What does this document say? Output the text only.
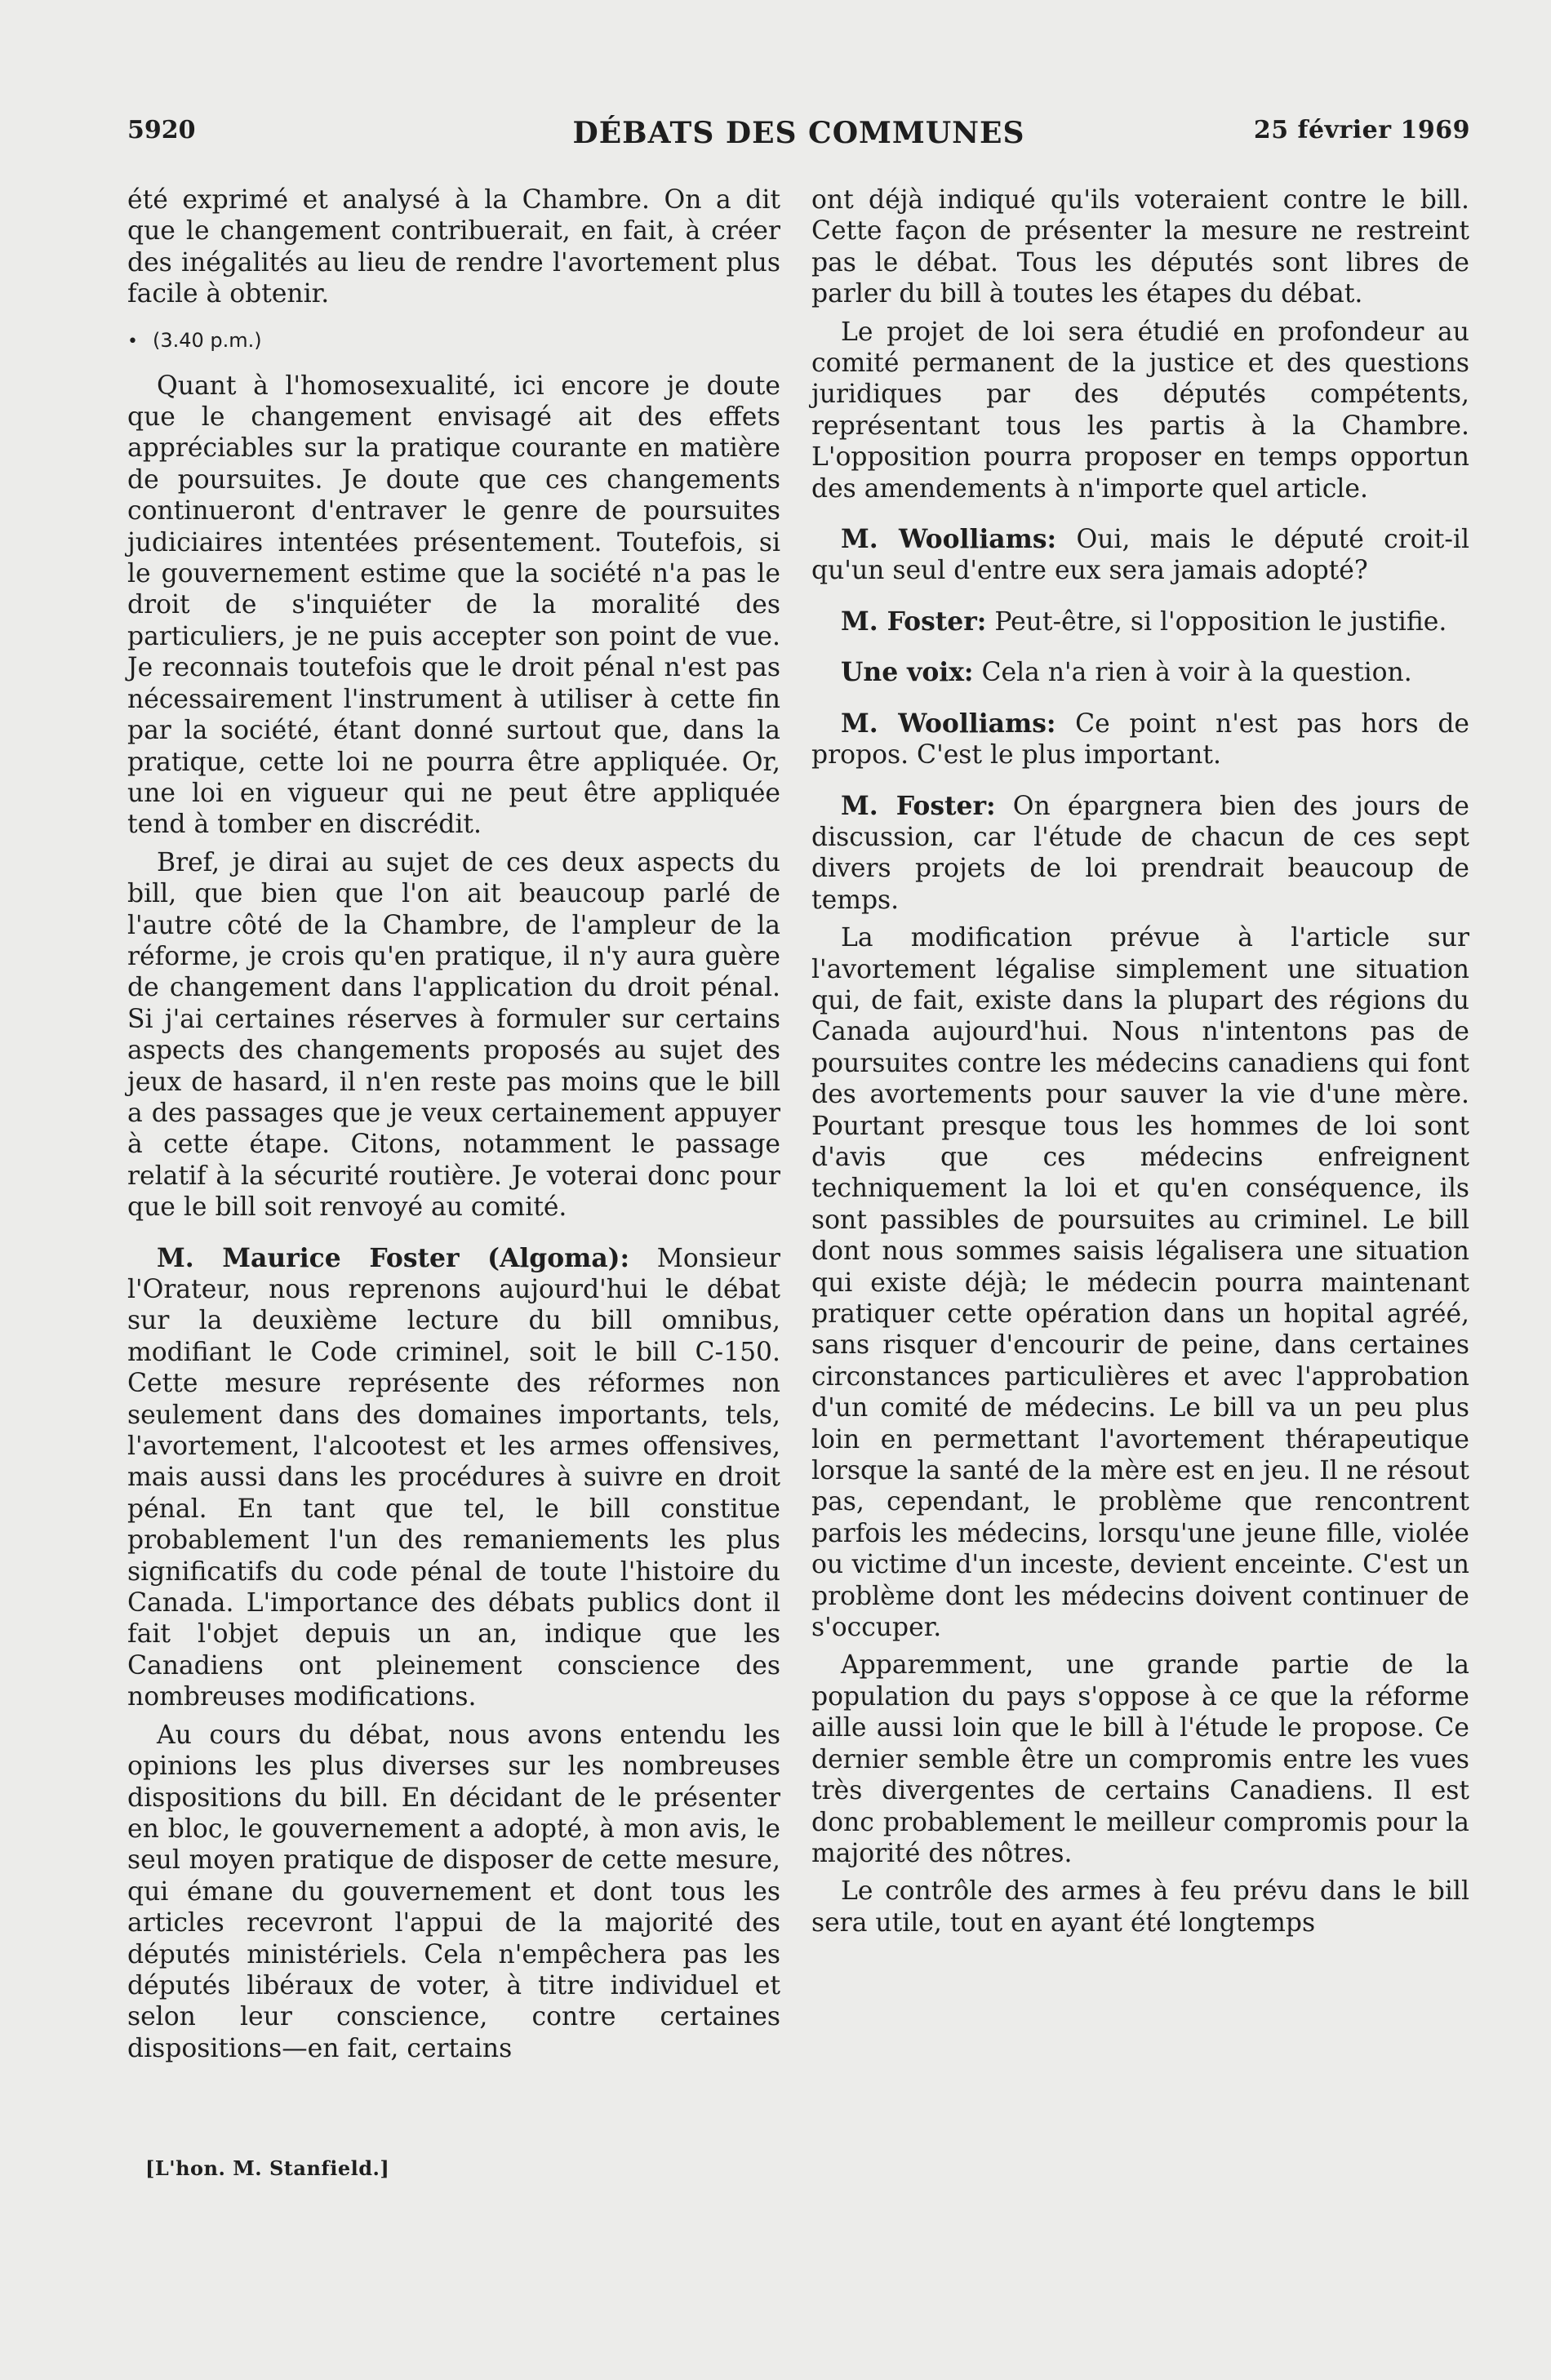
DÉBATS DES COMMUNES
5920	25 février 1969

été exprimé et analysé à la Chambre. On a dit que le changement contribuerait, en fait, à créer des inégalités au lieu de rendre l'avortement plus facile à obtenir.

• (3.40 p.m.)

Quant à l'homosexualité, ici encore je doute que le changement envisagé ait des effets appréciables sur la pratique courante en matière de poursuites. Je doute que ces changements continueront d'entraver le genre de poursuites judiciaires intentées présentement. Toutefois, si le gouvernement estime que la société n'a pas le droit de s'inquiéter de la moralité des particuliers, je ne puis accepter son point de vue. Je reconnais toutefois que le droit pénal n'est pas nécessairement l'instrument à utiliser à cette fin par la société, étant donné surtout que, dans la pratique, cette loi ne pourra être appliquée. Or, une loi en vigueur qui ne peut être appliquée tend à tomber en discrédit.

Bref, je dirai au sujet de ces deux aspects du bill, que bien que l'on ait beaucoup parlé de l'autre côté de la Chambre, de l'ampleur de la réforme, je crois qu'en pratique, il n'y aura guère de changement dans l'application du droit pénal. Si j'ai certaines réserves à formuler sur certains aspects des changements proposés au sujet des jeux de hasard, il n'en reste pas moins que le bill a des passages que je veux certainement appuyer à cette étape. Citons, notamment le passage relatif à la sécurité routière. Je voterai donc pour que le bill soit renvoyé au comité.

M. Maurice Foster (Algoma): Monsieur l'Orateur, nous reprenons aujourd'hui le débat sur la deuxième lecture du bill omnibus, modifiant le Code criminel, soit le bill C-150. Cette mesure représente des réformes non seulement dans des domaines importants, tels, l'avortement, l'alcootest et les armes offensives, mais aussi dans les procédures à suivre en droit pénal. En tant que tel, le bill constitue probablement l'un des remaniements les plus significatifs du code pénal de toute l'histoire du Canada. L'importance des débats publics dont il fait l'objet depuis un an, indique que les Canadiens ont pleinement conscience des nombreuses modifications.

Au cours du débat, nous avons entendu les opinions les plus diverses sur les nombreuses dispositions du bill. En décidant de le présenter en bloc, le gouvernement a adopté, à mon avis, le seul moyen pratique de disposer de cette mesure, qui émane du gouvernement et dont tous les articles recevront l'appui de la majorité des députés ministériels. Cela n'empêchera pas les députés libéraux de voter, à titre individuel et selon leur conscience, contre certaines dispositions—en fait, certains

[L'hon. M. Stanfield.]

ont déjà indiqué qu'ils voteraient contre le bill. Cette façon de présenter la mesure ne restreint pas le débat. Tous les députés sont libres de parler du bill à toutes les étapes du débat.

Le projet de loi sera étudié en profondeur au comité permanent de la justice et des questions juridiques par des députés compétents, représentant tous les partis à la Chambre. L'opposition pourra proposer en temps opportun des amendements à n'importe quel article.

M. Woolliams: Oui, mais le député croit-il qu'un seul d'entre eux sera jamais adopté?

M. Foster: Peut-être, si l'opposition le justifie.

Une voix: Cela n'a rien à voir à la question.

M. Woolliams: Ce point n'est pas hors de propos. C'est le plus important.

M. Foster: On épargnera bien des jours de discussion, car l'étude de chacun de ces sept divers projets de loi prendrait beaucoup de temps.

La modification prévue à l'article sur l'avortement légalise simplement une situation qui, de fait, existe dans la plupart des régions du Canada aujourd'hui. Nous n'intentons pas de poursuites contre les médecins canadiens qui font des avortements pour sauver la vie d'une mère. Pourtant presque tous les hommes de loi sont d'avis que ces médecins enfreignent techniquement la loi et qu'en conséquence, ils sont passibles de poursuites au criminel. Le bill dont nous sommes saisis légalisera une situation qui existe déjà; le médecin pourra maintenant pratiquer cette opération dans un hopital agréé, sans risquer d'encourir de peine, dans certaines circonstances particulières et avec l'approbation d'un comité de médecins. Le bill va un peu plus loin en permettant l'avortement thérapeutique lorsque la santé de la mère est en jeu. Il ne résout pas, cependant, le problème que rencontrent parfois les médecins, lorsqu'une jeune fille, violée ou victime d'un inceste, devient enceinte. C'est un problème dont les médecins doivent continuer de s'occuper.

Apparemment, une grande partie de la population du pays s'oppose à ce que la réforme aille aussi loin que le bill à l'étude le propose. Ce dernier semble être un compromis entre les vues très divergentes de certains Canadiens. Il est donc probablement le meilleur compromis pour la majorité des nôtres.

Le contrôle des armes à feu prévu dans le bill sera utile, tout en ayant été longtemps
